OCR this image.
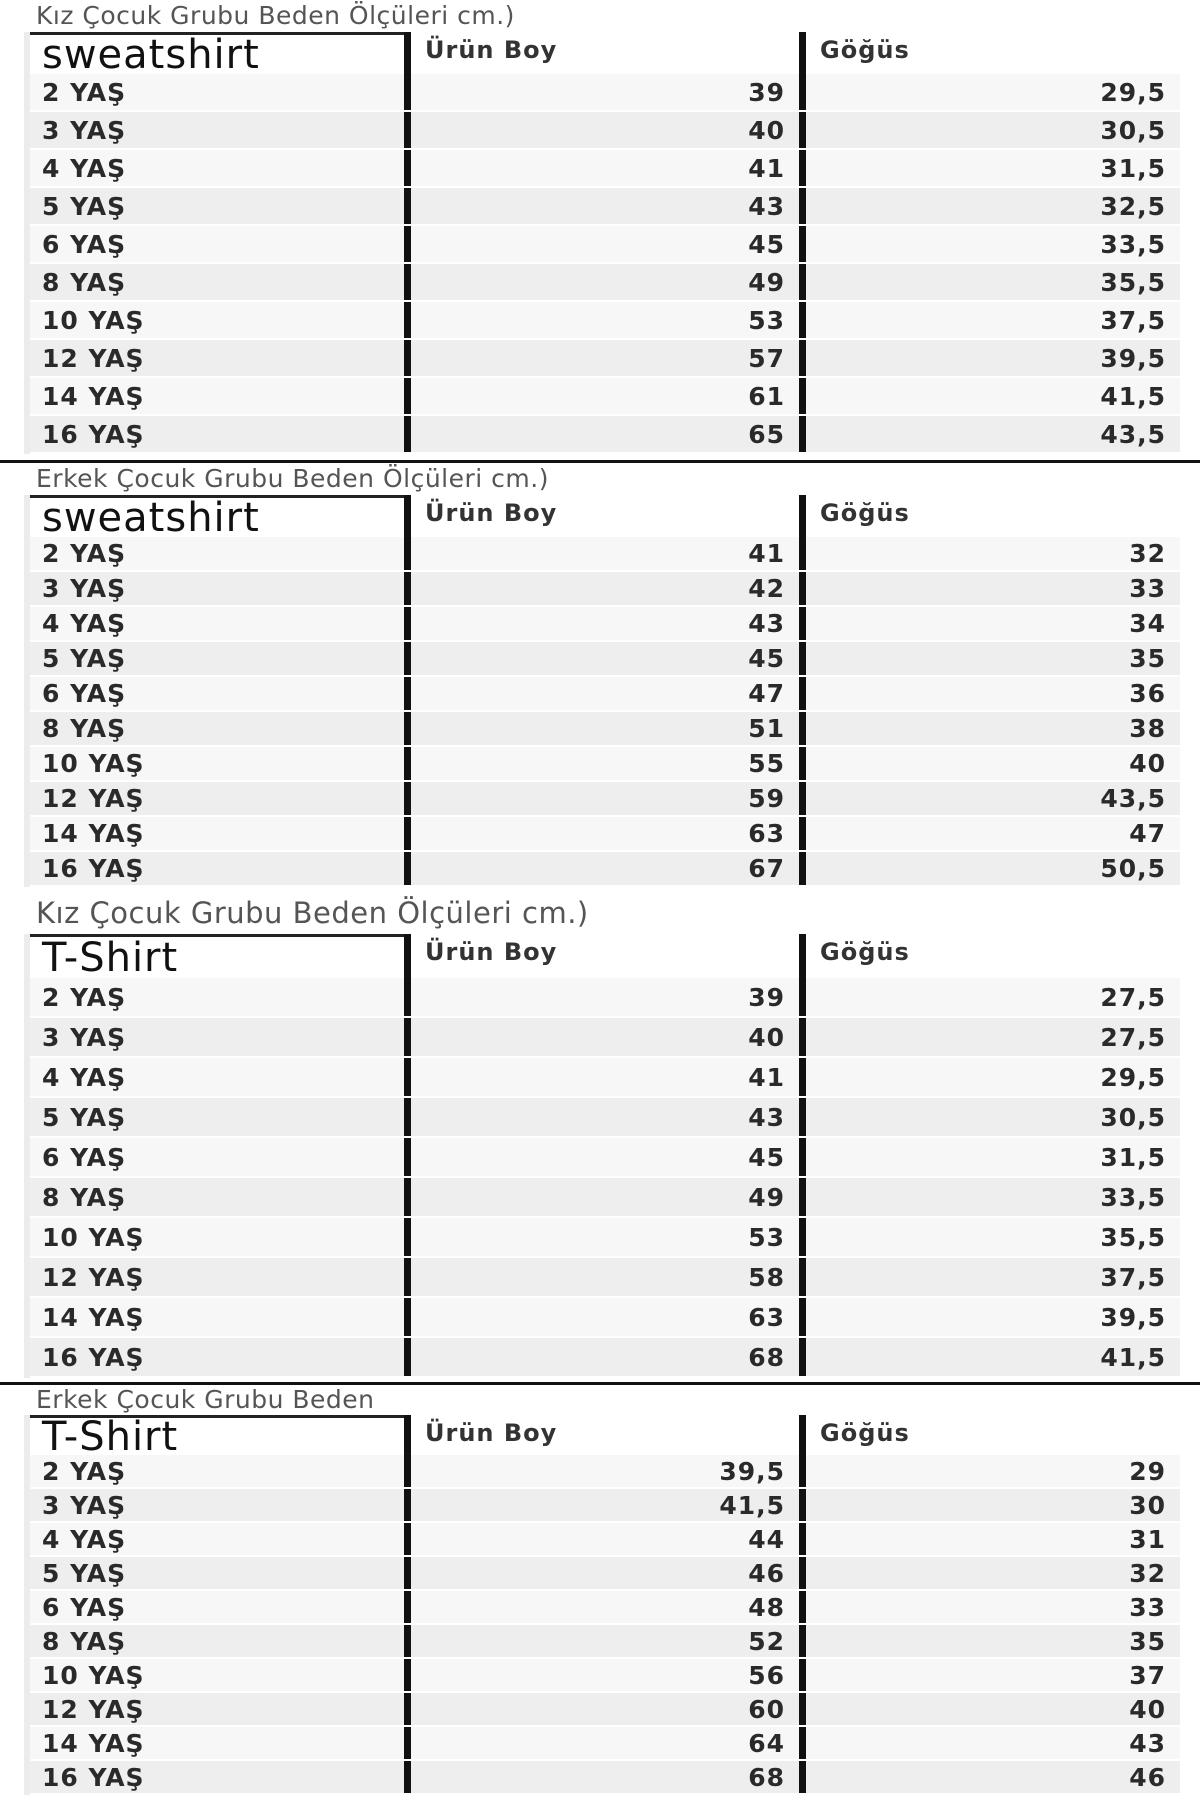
Kız Çocuk Grubu Beden Ölçüleri cm.)
sweatshirt	Ürün Boy	Göğüs
2 YAŞ	39	29,5
3 YAŞ	40	30,5
4 YAŞ	41	31,5
5 YAŞ	43	32,5
6 YAŞ	45	33,5
8 YAŞ	49	35,5
10 YAŞ	53	37,5
12 YAŞ	57	39,5
14 YAŞ	61	41,5
16 YAŞ	65	43,5
Erkek Çocuk Grubu Beden Ölçüleri cm.)
sweatshirt	Ürün Boy	Göğüs
2 YAŞ	41	32
3 YAŞ	42	33
4 YAŞ	43	34
5 YAŞ	45	35
6 YAŞ	47	36
8 YAŞ	51	38
10 YAŞ	55	40
12 YAŞ	59	43,5
14 YAŞ	63	47
16 YAŞ	67	50,5
Kız Çocuk Grubu Beden Ölçüleri cm.)
T-Shirt	Ürün Boy	Göğüs
2 YAŞ	39	27,5
3 YAŞ	40	27,5
4 YAŞ	41	29,5
5 YAŞ	43	30,5
6 YAŞ	45	31,5
8 YAŞ	49	33,5
10 YAŞ	53	35,5
12 YAŞ	58	37,5
14 YAŞ	63	39,5
16 YAŞ	68	41,5
Erkek Çocuk Grubu Beden
T-Shirt	Ürün Boy	Göğüs
2 YAŞ	39,5	29
3 YAŞ	41,5	30
4 YAŞ	44	31
5 YAŞ	46	32
6 YAŞ	48	33
8 YAŞ	52	35
10 YAŞ	56	37
12 YAŞ	60	40
14 YAŞ	64	43
16 YAŞ	68	46
